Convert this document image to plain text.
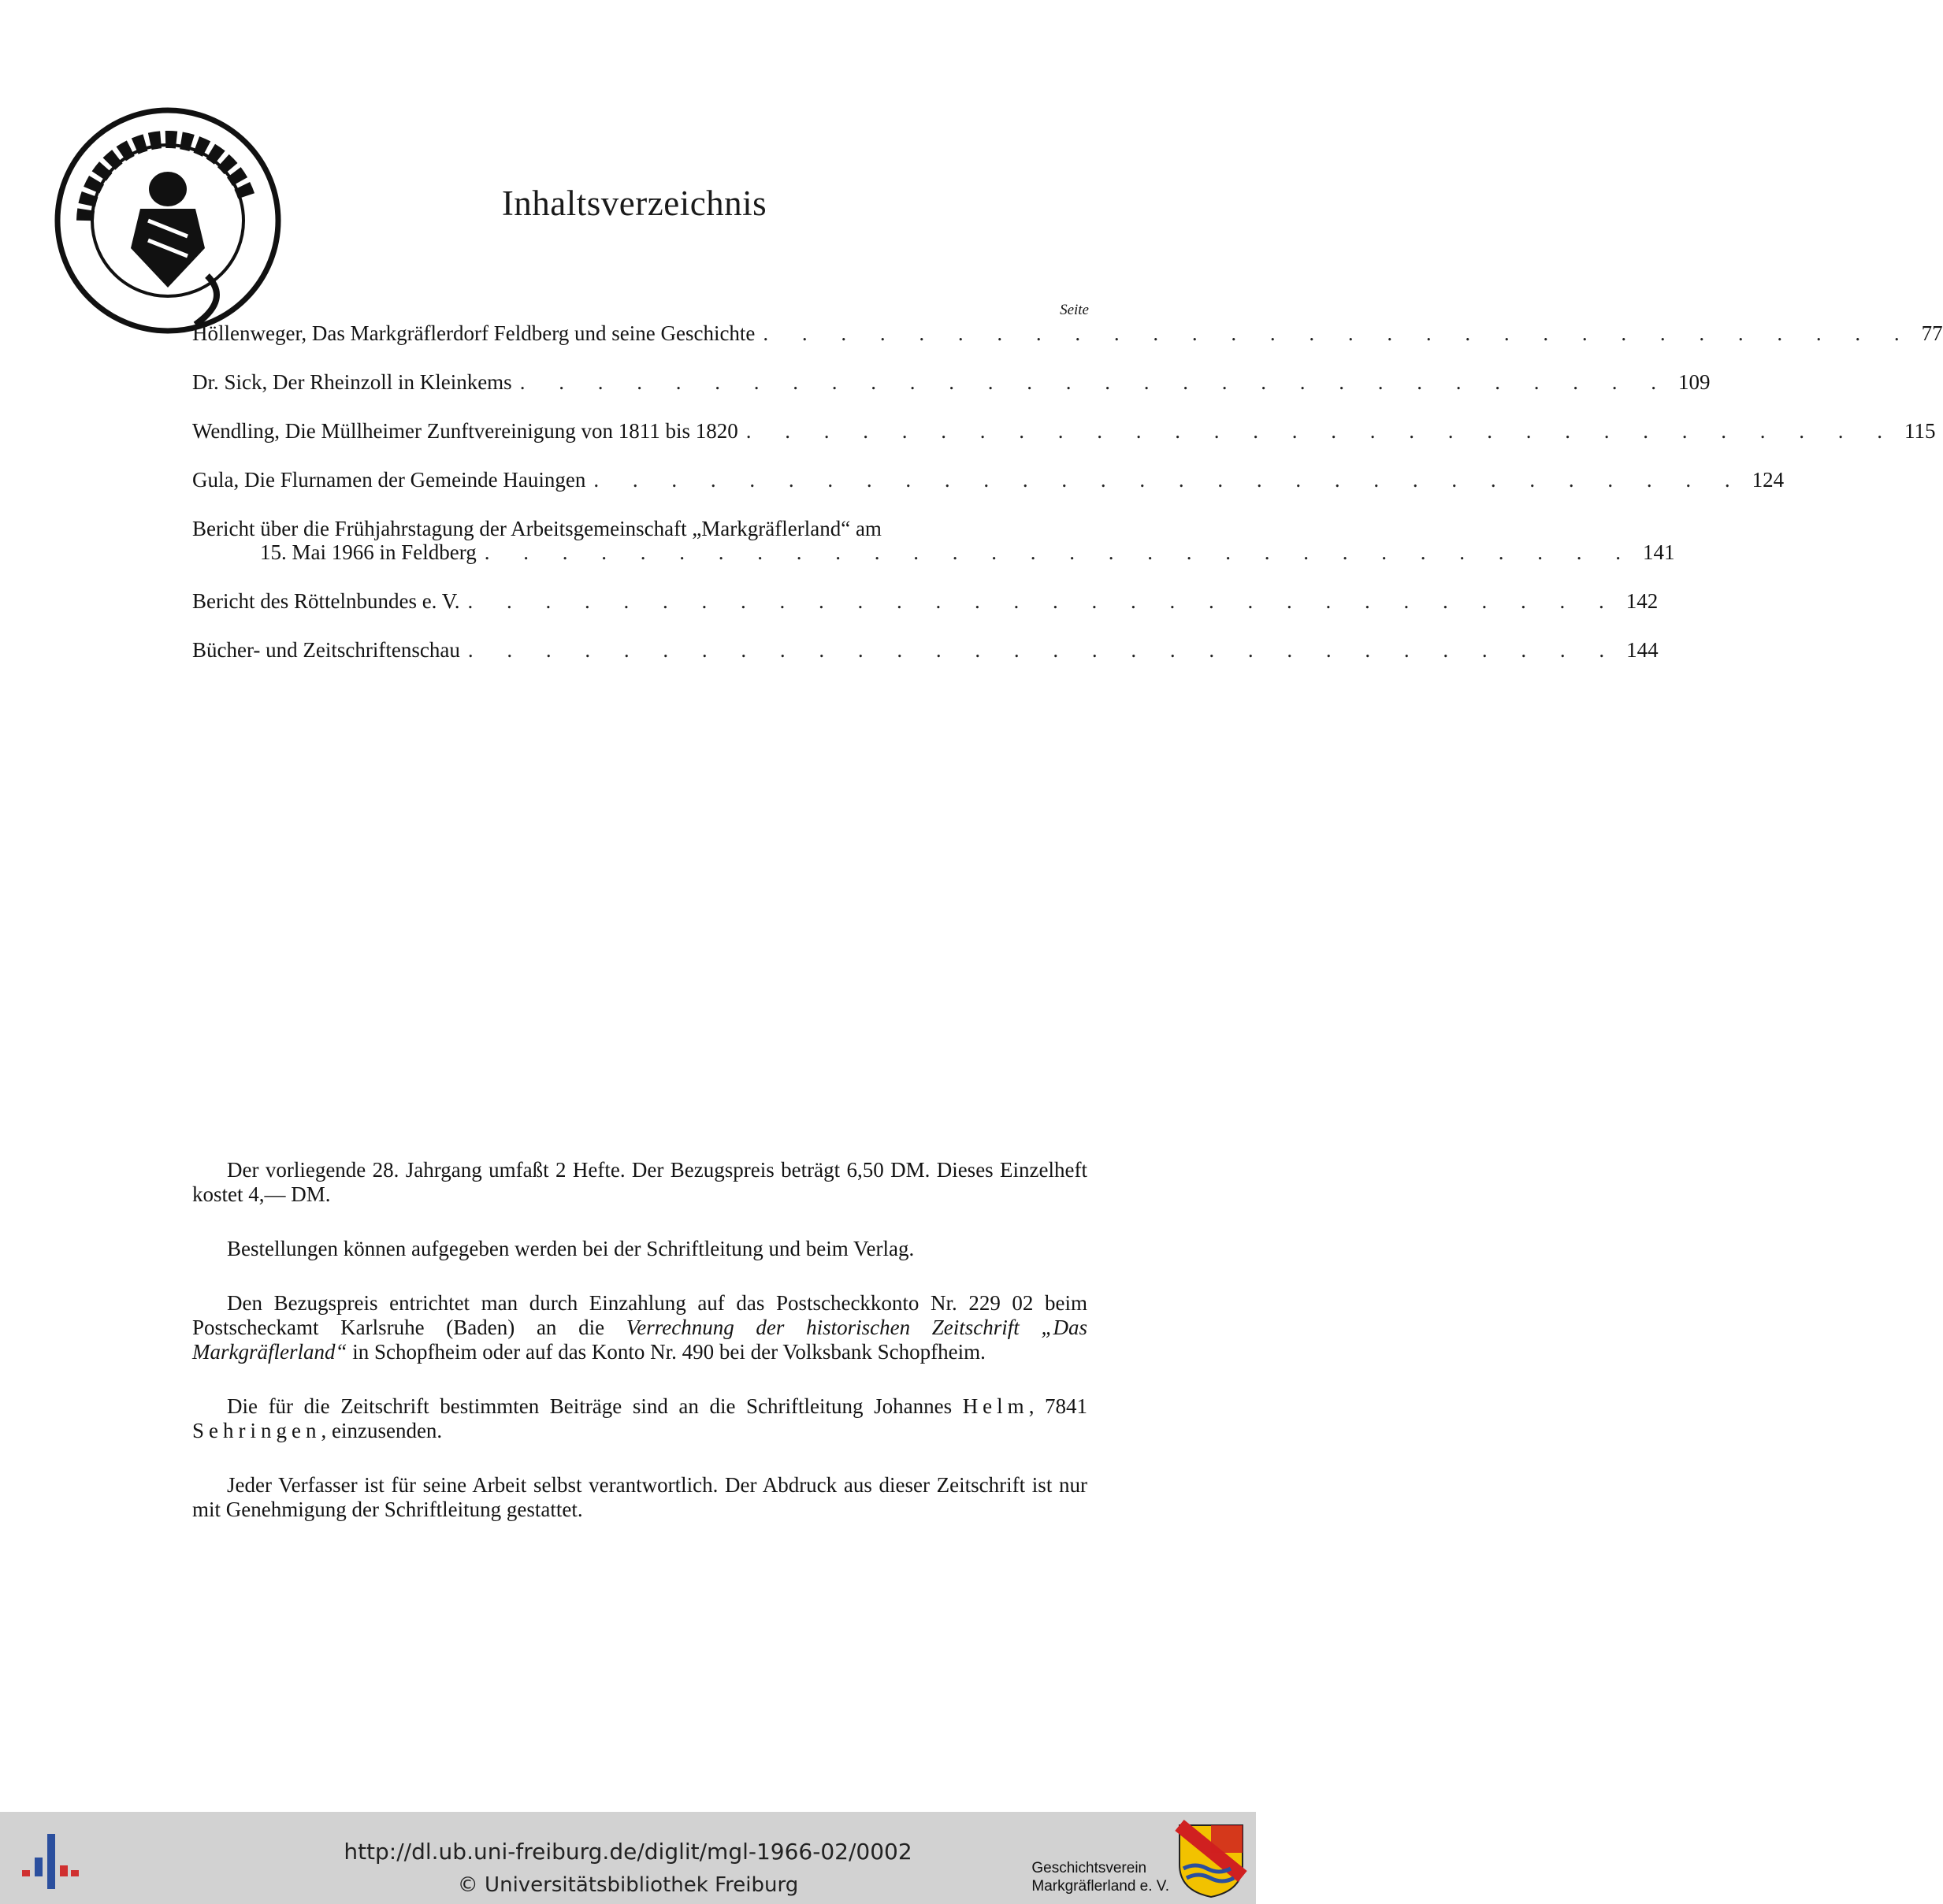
Inhaltsverzeichnis
Seite
Höllenweger, Das Markgräflerdorf Feldberg und seine Geschichte . . . . . . . . . . . . . . . . . . . . . . . . . . . . . . 77
Dr. Sick, Der Rheinzoll in Kleinkems . . . . . . . . . . . . . . . . . . . . . . . . . . . . . . 109
Wendling, Die Müllheimer Zunftvereinigung von 1811 bis 1820 . . . . . . . . . . . . . . . . . . . . . . . . . . . . . . 115
Gula, Die Flurnamen der Gemeinde Hauingen . . . . . . . . . . . . . . . . . . . . . . . . . . . . . . 124
Bericht über die Frühjahrstagung der Arbeitsgemeinschaft „Markgräflerland“ am
15. Mai 1966 in Feldberg . . . . . . . . . . . . . . . . . . . . . . . . . . . . . . 141
Bericht des Röttelnbundes e. V. . . . . . . . . . . . . . . . . . . . . . . . . . . . . . . 142
Bücher- und Zeitschriftenschau . . . . . . . . . . . . . . . . . . . . . . . . . . . . . . 144

Der vorliegende 28. Jahrgang umfaßt 2 Hefte. Der Bezugspreis beträgt 6,50 DM. Dieses Einzelheft kostet 4,— DM.

Bestellungen können aufgegeben werden bei der Schriftleitung und beim Verlag.

Den Bezugspreis entrichtet man durch Einzahlung auf das Postscheckkonto Nr. 229 02 beim Postscheckamt Karlsruhe (Baden) an die Verrechnung der historischen Zeitschrift „Das Markgräflerland“ in Schopfheim oder auf das Konto Nr. 490 bei der Volksbank Schopfheim.

Die für die Zeitschrift bestimmten Beiträge sind an die Schriftleitung Johannes Helm, 7841 Sehringen, einzusenden.

Jeder Verfasser ist für seine Arbeit selbst verantwortlich. Der Abdruck aus dieser Zeitschrift ist nur mit Genehmigung der Schriftleitung gestattet.

http://dl.ub.uni-freiburg.de/diglit/mgl-1966-02/0002
© Universitätsbibliothek Freiburg
Geschichtsverein
Markgräflerland e. V.
